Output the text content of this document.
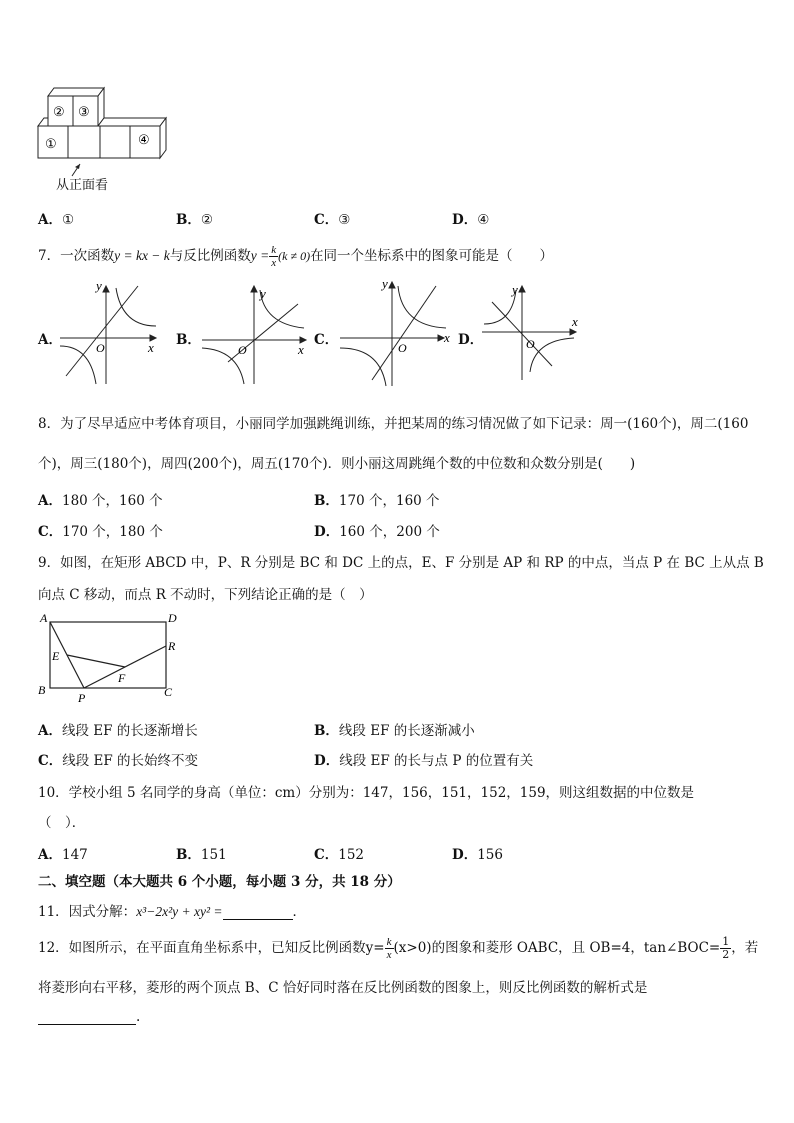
② ③
①	④
从正面看
A．①	B．②	C．③	D．④
7．一次函数y = kx − k与反比例函数$y = \frac{k}{x} (k \ne 0)$在同一个坐标系中的图象可能是（　　）
A．
y
x
O	B．
y
x
O
C．
y
x
O	D．
y
x
O
8．为了尽早适应中考体育项目，小丽同学加强跳绳训练，并把某周的练习情况做了如下记录：周一(160个)，周二(160
个)，周三(180个)，周四(200个)，周五(170个)．则小丽这周跳绳个数的中位数和众数分别是(　　)
A．180 个，160 个	B．170 个，160 个
C．170 个，180 个	D．160 个，200 个
9．如图，在矩形 ABCD 中，P、R 分别是 BC 和 DC 上的点，E、F 分别是 AP 和 RP 的中点，当点 P 在 BC 上从点 B
向点 C 移动，而点 R 不动时，下列结论正确的是（　）
A	D
R
E
F
B
P	C
A．线段 EF 的长逐渐增长	B．线段 EF 的长逐渐减小
C．线段 EF 的长始终不变	D．线段 EF 的长与点 P 的位置有关
10．学校小组 5 名同学的身高（单位：cm）分别为：147，156，151，152，159，则这组数据的中位数是
（　）．
A．147	B．151	C．152	D．156
二、填空题（本大题共 6 个小题，每小题 3 分，共 18 分）
11．因式分解：x³−2x²y + xy² =	．
12．如图所示，在平面直角坐标系中，已知反比例函数$y= \frac{k}{x} (x>0)$的图象和菱形 OABC，且 OB=4，tan∠BOC= $\frac{1}{2}$ ，若
将菱形向右平移，菱形的两个顶点 B、C 恰好同时落在反比例函数的图象上，则反比例函数的解析式是
.
